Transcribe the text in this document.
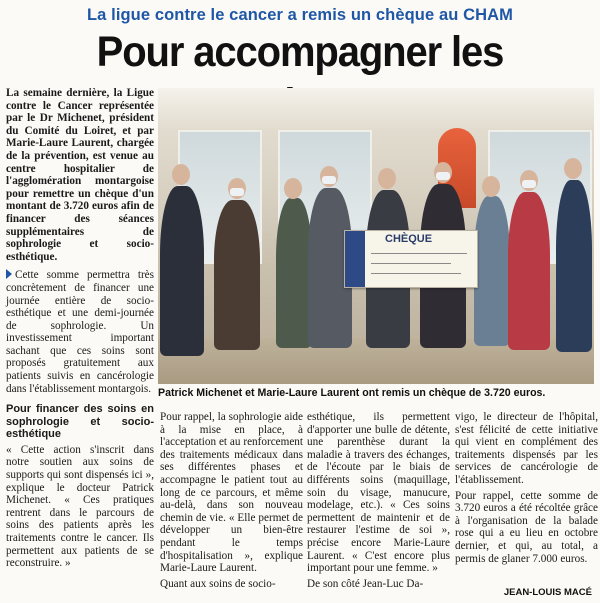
La ligue contre le cancer a remis un chèque au CHAM
Pour accompagner les

La semaine dernière, la Ligue contre le Cancer représentée par le Dr Michenet, président du Comité du Loiret, et par Marie-Laure Laurent, chargée de la prévention, est venue au centre hospitalier de l'agglomération montargoise pour remettre un chèque d'un montant de 3.720 euros afin de financer des séances supplémentaires de sophrologie et socio-esthétique.

Cette somme permettra très concrètement de financer une journée entière de socio-esthétique et une demi-journée de sophrologie. Un investissement important sachant que ces soins sont proposés gratuitement aux patients suivis en cancérologie dans l'établissement montargois.

Pour financer des soins en sophrologie et socio-esthétique

« Cette action s'inscrit dans notre soutien aux soins de supports qui sont dispensés ici », explique le docteur Patrick Michenet. « Ces pratiques rentrent dans le parcours de soins des patients après les traitements contre le cancer. Ils permettent aux patients de se reconstruire. »

CHÈQUE
Patrick Michenet et Marie-Laure Laurent ont remis un chèque de 3.720 euros.

Pour rappel, la sophrologie aide à la mise en place, à l'acceptation et au renforcement des traitements médicaux dans ses différentes phases et accompagne le patient tout au long de ce parcours, et même au-delà, dans son nouveau chemin de vie. « Elle permet de développer un bien-être pendant le temps d'hospitalisation », explique Marie-Laure Laurent.

Quant aux soins de socio-

esthétique, ils permettent d'apporter une bulle de détente, une parenthèse durant la maladie à travers des échanges, de l'écoute par le biais de différents soins (maquillage, soin du visage, manucure, modelage, etc.). « Ces soins permettent de maintenir et de restaurer l'estime de soi », précise encore Marie-Laure Laurent. « C'est encore plus important pour une femme. »

De son côté Jean-Luc Da-

vigo, le directeur de l'hôpital, s'est félicité de cette initiative qui vient en complément des traitements dispensés par les services de cancérologie de l'établissement.

Pour rappel, cette somme de 3.720 euros a été récoltée grâce à l'organisation de la balade rose qui a eu lieu en octobre dernier, et qui, au total, a permis de glaner 7.000 euros.

JEAN-LOUIS MACÉ
